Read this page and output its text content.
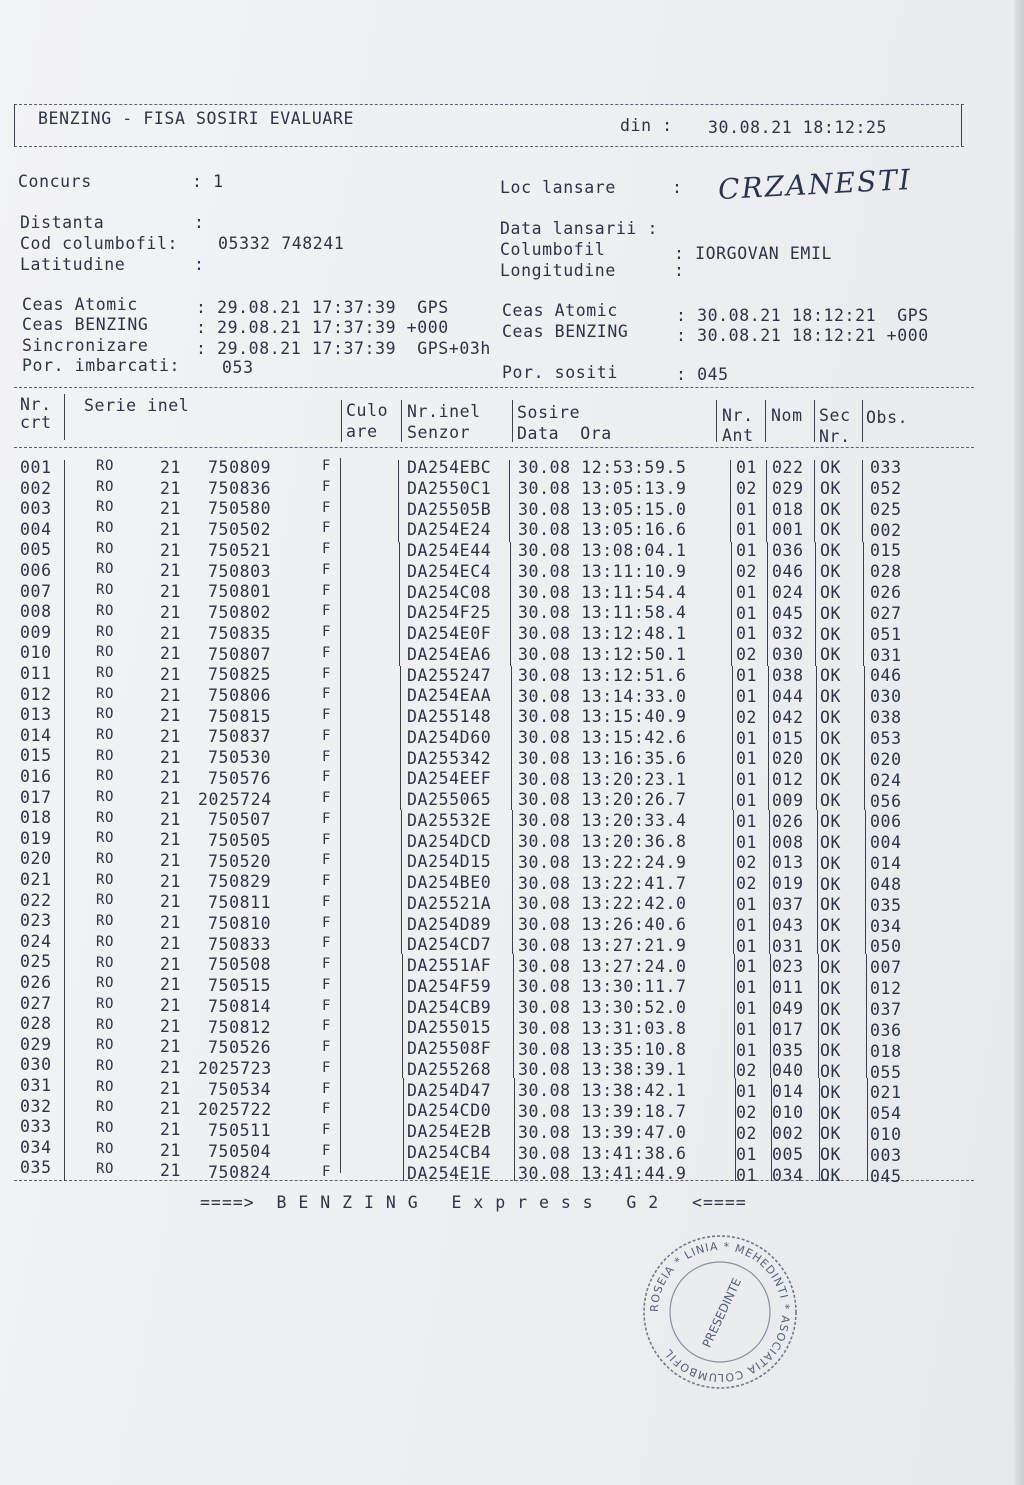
BENZING - FISA SOSIRI EVALUARE	din : 30.08.21 18:12:25
Concurs	: 1	Loc lansare	: CRZANESTI
Distanta	:
Cod columbofil: 05332 748241
Latitudine	:
Data lansarii :
Columbofil	: IORGOVAN EMIL
Longitudine	:
Ceas Atomic	: 29.08.21 17:37:39  GPS
Ceas BENZING	: 29.08.21 17:37:39 +000
Sincronizare	: 29.08.21 17:37:39  GPS+03h
Por. imbarcati:	053
Ceas Atomic	: 30.08.21 18:12:21  GPS
Ceas BENZING	: 30.08.21 18:12:21 +000
Por. sositi	: 045
Nr.
crt
Serie inel	Culo
are
Nr.inel
Senzor
Sosire
Data  Ora
Nr.
Ant
Nom Sec
Nr.
Obs.
001	RO	21 750809	F	DA254EBC 30.08 12:53:59.5	01 022 OK 033
002	RO	21 750836	F	DA2550C1 30.08 13:05:13.9	02 029 OK 052
003	RO	21 750580	F	DA25505B 30.08 13:05:15.0	01 018 OK 025
004	RO	21 750502	F	DA254E24 30.08 13:05:16.6	01 001 OK 002
005	RO	21 750521	F	DA254E44 30.08 13:08:04.1	01 036 OK 015
006	RO	21 750803	F	DA254EC4 30.08 13:11:10.9	02 046 OK 028
007	RO	21 750801	F	DA254C08 30.08 13:11:54.4	01 024 OK 026
008	RO	21 750802	F	DA254F25 30.08 13:11:58.4	01 045 OK 027
009	RO	21 750835	F	DA254E0F 30.08 13:12:48.1	01 032 OK 051
010	RO	21 750807	F	DA254EA6 30.08 13:12:50.1	02 030 OK 031
011	RO	21 750825	F	DA255247 30.08 13:12:51.6	01 038 OK 046
012	RO	21 750806	F	DA254EAA 30.08 13:14:33.0	01 044 OK 030
013	RO	21 750815	F	DA255148 30.08 13:15:40.9	02 042 OK 038
014	RO	21 750837	F	DA254D60 30.08 13:15:42.6	01 015 OK 053
015	RO	21 750530	F	DA255342 30.08 13:16:35.6	01 020 OK 020
016	RO	21 750576	F	DA254EEF 30.08 13:20:23.1	01 012 OK 024
017	RO	21 2025724	F	DA255065 30.08 13:20:26.7	01 009 OK 056
018	RO	21 750507	F	DA25532E 30.08 13:20:33.4	01 026 OK 006
019	RO	21 750505	F	DA254DCD 30.08 13:20:36.8	01 008 OK 004
020	RO	21 750520	F	DA254D15 30.08 13:22:24.9	02 013 OK 014
021	RO	21 750829	F	DA254BE0 30.08 13:22:41.7	02 019 OK 048
022	RO	21 750811	F	DA25521A 30.08 13:22:42.0	01 037 OK 035
023	RO	21 750810	F	DA254D89 30.08 13:26:40.6	01 043 OK 034
024	RO	21 750833	F	DA254CD7 30.08 13:27:21.9	01 031 OK 050
025	RO	21 750508	F	DA2551AF 30.08 13:27:24.0	01 023 OK 007
026	RO	21 750515	F	DA254F59 30.08 13:30:11.7	01 011 OK 012
027	RO	21 750814	F	DA254CB9 30.08 13:30:52.0	01 049 OK 037
028	RO	21 750812	F	DA255015 30.08 13:31:03.8	01 017 OK 036
029	RO	21 750526	F	DA25508F 30.08 13:35:10.8	01 035 OK 018
030	RO	21 2025723	F	DA255268 30.08 13:38:39.1	02 040 OK 055
031	RO	21 750534	F	DA254D47 30.08 13:38:42.1	01 014 OK 021
032	RO	21 2025722	F	DA254CD0 30.08 13:39:18.7	02 010 OK 054
033	RO	21 750511	F	DA254E2B 30.08 13:39:47.0	02 002 OK 010
034	RO	21 750504	F	DA254CB4 30.08 13:41:38.6	01 005 OK 003
035	RO	21 750824	F	DA254E1E 30.08 13:41:44.9	01 034 OK 045
====>  B E N Z I N G   E x p r e s s   G 2   <====
ROSEIA * LINIA * MEHEDINTI * ASOCIATIA COLUMBOFIL
PRESEDINTE
